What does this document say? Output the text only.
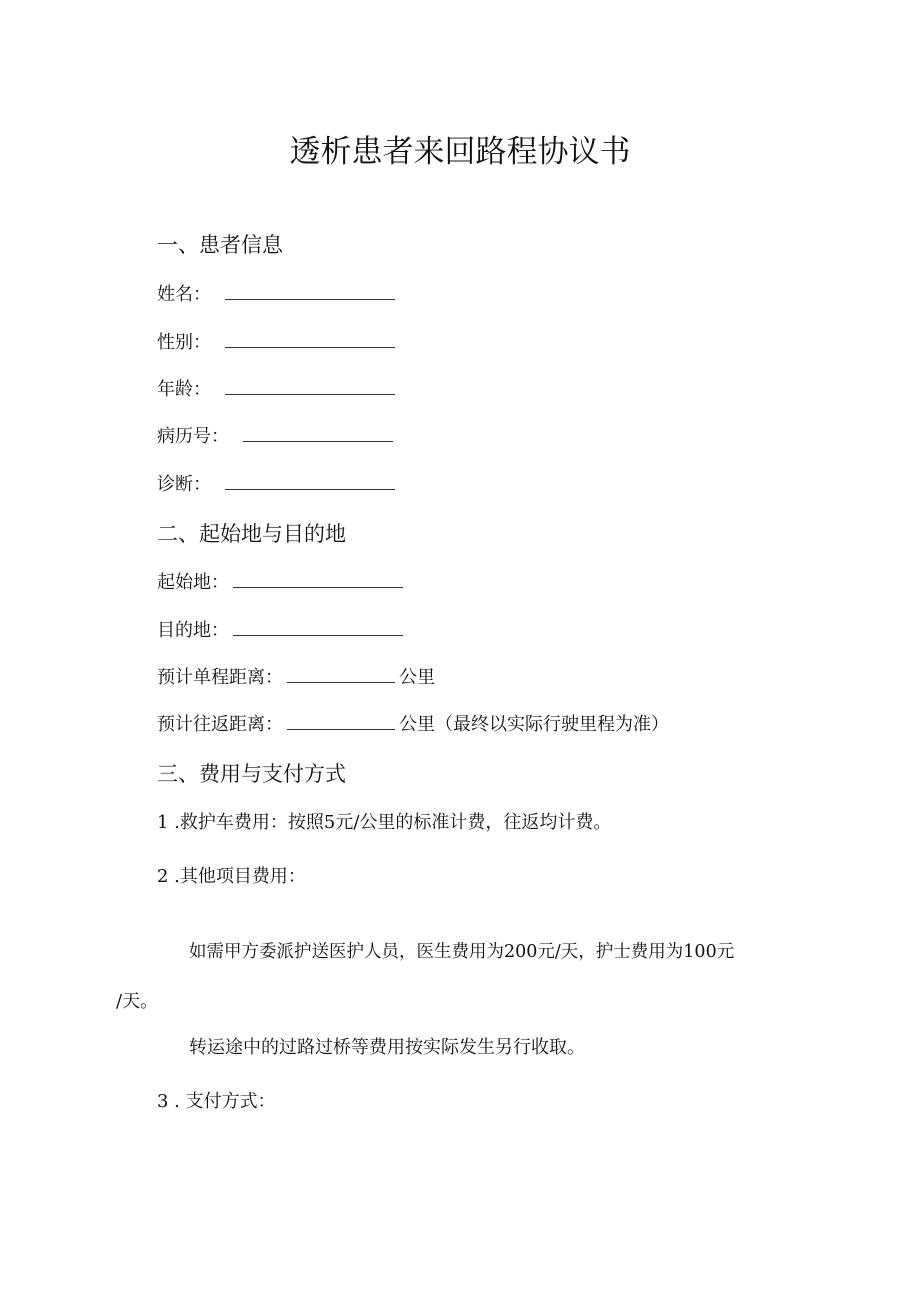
透析患者来回路程协议书
一、患者信息
姓名：
性别：
年龄：
病历号：
诊断：
二、起始地与目的地
起始地：
目的地：
预计单程距离：	公里
预计往返距离：	公里（最终以实际行驶里程为准）
三、费用与支付方式

1 .救护车费用：按照5元/公里的标准计费，往返均计费。

2 .其他项目费用：

如需甲方委派护送医护人员，医生费用为200元/天，护士费用为100元

/天。

转运途中的过路过桥等费用按实际发生另行收取。

3 . 支付方式：
